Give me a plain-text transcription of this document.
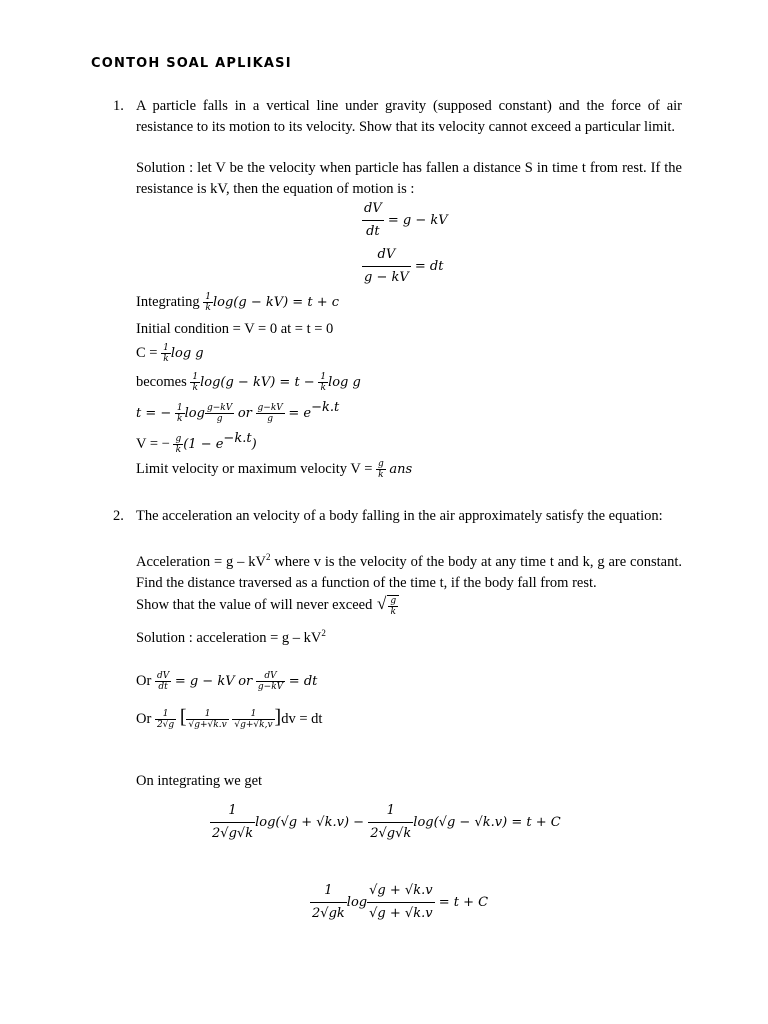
CONTOH SOAL APLIKASI
1. A particle falls in a vertical line under gravity (supposed constant) and the force of air resistance to its motion to its velocity. Show that its velocity cannot exceed a particular limit.
Solution : let V be the velocity when particle has fallen a distance S in time t from rest. If the resistance is kV, then the equation of motion is :
$\frac{dV}{dt} = g$ − kV
$\frac{dV}{g - kV}$ = dt
Integrating $\frac{1}{k} \log(g - kV) = t + c$
Initial condition = V = 0 at = t = 0
$C = \frac{1}{k}$ log g
becomes $\frac{1}{k} \log(g - kV) = t - \frac{1}{k}$ log g
t = − $\frac{1}{k}$ $\log \frac{g-kV}{g}$ or $\frac{g-kV}{g} = e^{-k.t}$
V = − $\frac{g}{k} (1 - e^{-k.t})$
Limit velocity or maximum velocity $V = \frac{g}{k}$ ans
2. The acceleration an velocity of a body falling in the air approximately satisfy the equation:
Acceleration = g – $kV^2$ where v is the velocity of the body at any time t and k, g are constant. Find the distance traversed as a function of the time t, if the body fall from rest.
Show that the value of will never exceed √ $\frac{g}{k}$
Solution : acceleration = g – $kV^2$
Or $\frac{dV}{dt} = g$ − kV or $\frac{dV}{g-kV}$ = dt
Or $\frac{1}{2√g}$ [ $\frac{1}{√g+√k.v}$
$\frac{1}{√g+√k,v} ]dv$ = dt
On integrating we get
$\frac{1}{2√g√k} \log(√g + √k.v) - \frac{1}{2√g√k} \log(√g - √k.v) = t + C$
$\frac{1}{2√gk}$ $\log \frac{√g + √k.v}{√g + √k.v} = t + C$
